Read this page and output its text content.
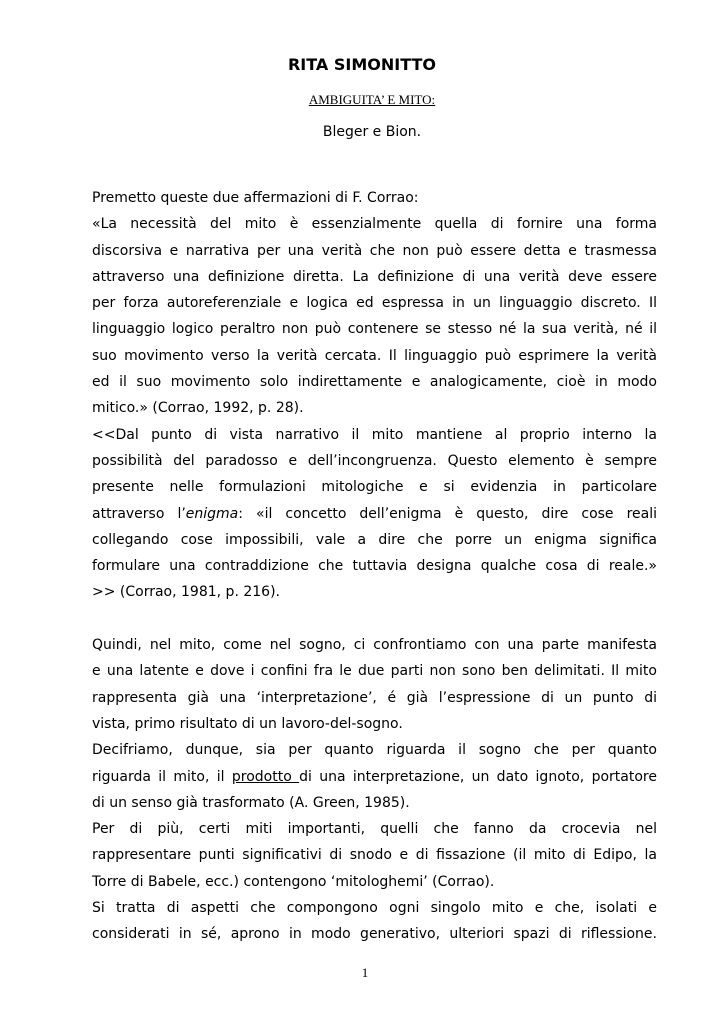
RITA SIMONITTO
AMBIGUITA’ E MITO:
Bleger e Bion.
Premetto queste due affermazioni di F. Corrao:
«La necessità del mito è essenzialmente quella di fornire una forma
discorsiva e narrativa per una verità che non può essere detta e trasmessa
attraverso una definizione diretta. La definizione di una verità deve essere
per forza autoreferenziale e logica ed espressa in un linguaggio discreto. Il
linguaggio logico peraltro non può contenere se stesso né la sua verità, né il
suo movimento verso la verità cercata. Il linguaggio può esprimere la verità
ed il suo movimento solo indirettamente e analogicamente, cioè in modo
mitico.» (Corrao, 1992, p. 28).
<<Dal punto di vista narrativo il mito mantiene al proprio interno la
possibilità del paradosso e dell’incongruenza. Questo elemento è sempre
presente nelle formulazioni mitologiche e si evidenzia in particolare
attraverso l’enigma: «il concetto dell’enigma è questo, dire cose reali
collegando cose impossibili, vale a dire che porre un enigma significa
formulare una contraddizione che tuttavia designa qualche cosa di reale.»
>> (Corrao, 1981, p. 216).
Quindi, nel mito, come nel sogno, ci confrontiamo con una parte manifesta
e una latente e dove i confini fra le due parti non sono ben delimitati. Il mito
rappresenta già una ‘interpretazione’, é già l’espressione di un punto di
vista, primo risultato di un lavoro-del-sogno.
Decifriamo, dunque, sia per quanto riguarda il sogno che per quanto
riguarda il mito, il prodotto di una interpretazione, un dato ignoto, portatore
di un senso già trasformato (A. Green, 1985).
Per di più, certi miti importanti, quelli che fanno da crocevia nel
rappresentare punti significativi di snodo e di fissazione (il mito di Edipo, la
Torre di Babele, ecc.) contengono ‘mitologhemi’ (Corrao).
Si tratta di aspetti che compongono ogni singolo mito e che, isolati e
considerati in sé, aprono in modo generativo, ulteriori spazi di riflessione.
1
